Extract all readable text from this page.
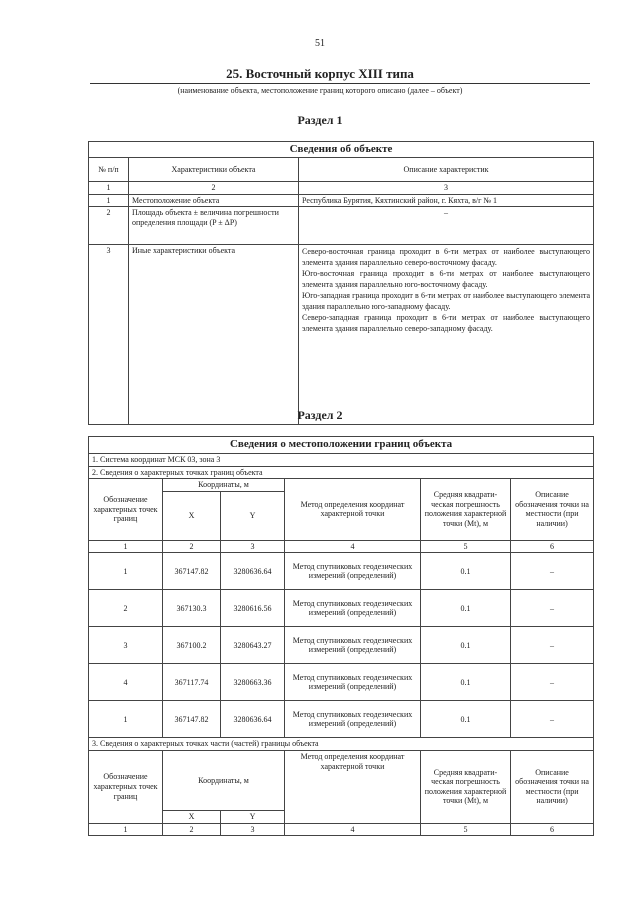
51
25. Восточный корпус XIII типа
(наименование объекта, местоположение границ которого описано (далее – объект)
Раздел 1
Сведения об объекте		
№ п/п	Характеристики объекта	Описание характеристик
1	2	3
1	Местоположение объекта	Республика Бурятия, Кяхтинский район, г. Кяхта, в/г № 1
2	Площадь объекта ± величина погрешности определения площади (P ± ΔP)	–
3	Иные характеристики объекта	Северо-восточная граница проходит в 6-ти метрах от наиболее выступающего элемента здания параллельно северо-восточному фасаду.
Юго-восточная граница проходит в 6-ти метрах от наиболее выступающего элемента здания параллельно юго-восточному фасаду.
Юго-западная граница проходит в 6-ти метрах от наиболее выступающего элемента здания параллельно юго-западному фасаду.
Северо-западная граница проходит в 6-ти метрах от наиболее выступающего элемента здания параллельно северо-западному фасаду.
Раздел 2
Сведения о местоположении границ объекта					
1. Система координат МСК 03, зона 3					
2. Сведения о характерных точках границ объекта					
Обозначение характерных точек границ	Координаты, м		Метод определения координат характерной точки	Средняя квадрати-ческая погрешность положения характерной точки (Mt), м	Описание обозначения точки на местности (при наличии)
	X	Y			
1	2	3	4	5	6
1	367147.82	3280636.64	Метод спутниковых геодезических измерений (определений)	0.1	–
2	367130.3	3280616.56	Метод спутниковых геодезических измерений (определений)	0.1	–
3	367100.2	3280643.27	Метод спутниковых геодезических измерений (определений)	0.1	–
4	367117.74	3280663.36	Метод спутниковых геодезических измерений (определений)	0.1	–
1	367147.82	3280636.64	Метод спутниковых геодезических измерений (определений)	0.1	–
3. Сведения о характерных точках части (частей) границы объекта					
Обозначение характерных точек границ	Координаты, м		Метод определения координат характерной точки	Средняя квадрати-ческая погрешность положения характерной точки (Mt), м	Описание обозначения точки на местности (при наличии)
	X	Y			
1	2	3	4	5	6
